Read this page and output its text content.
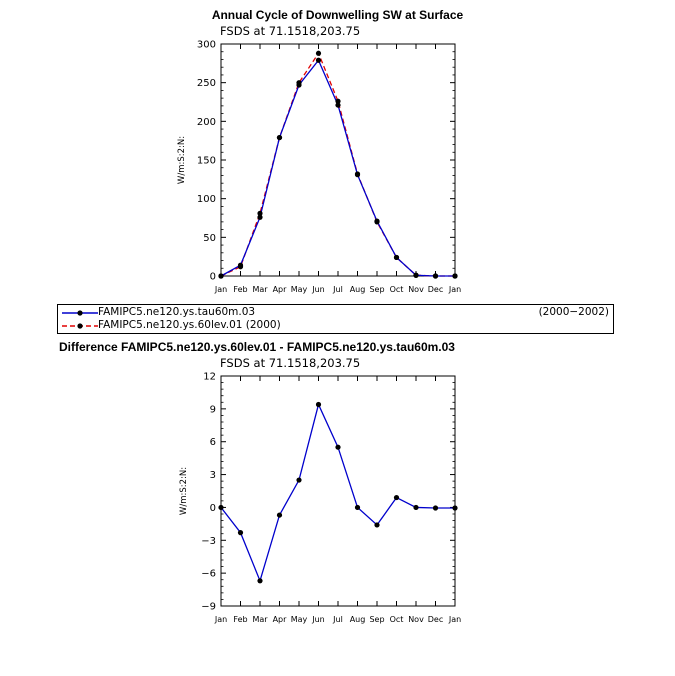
Annual Cycle of Downwelling SW at Surface
FSDS at 71.1518,203.75
0
50
100
150
200
250
300
Jan Feb Mar Apr May Jun Jul Aug Sep Oct Nov Dec Jan
W/m:S:2:N:
FAMIPC5.ne120.ys.tau60m.03	(2000−2002)
FAMIPC5.ne120.ys.60lev.01 (2000)
Difference FAMIPC5.ne120.ys.60lev.01 - FAMIPC5.ne120.ys.tau60m.03
FSDS at 71.1518,203.75
−9
−6
−3
0
3
6
9
12
Jan Feb Mar Apr May Jun Jul Aug Sep Oct Nov Dec Jan
W/m:S:2:N:
